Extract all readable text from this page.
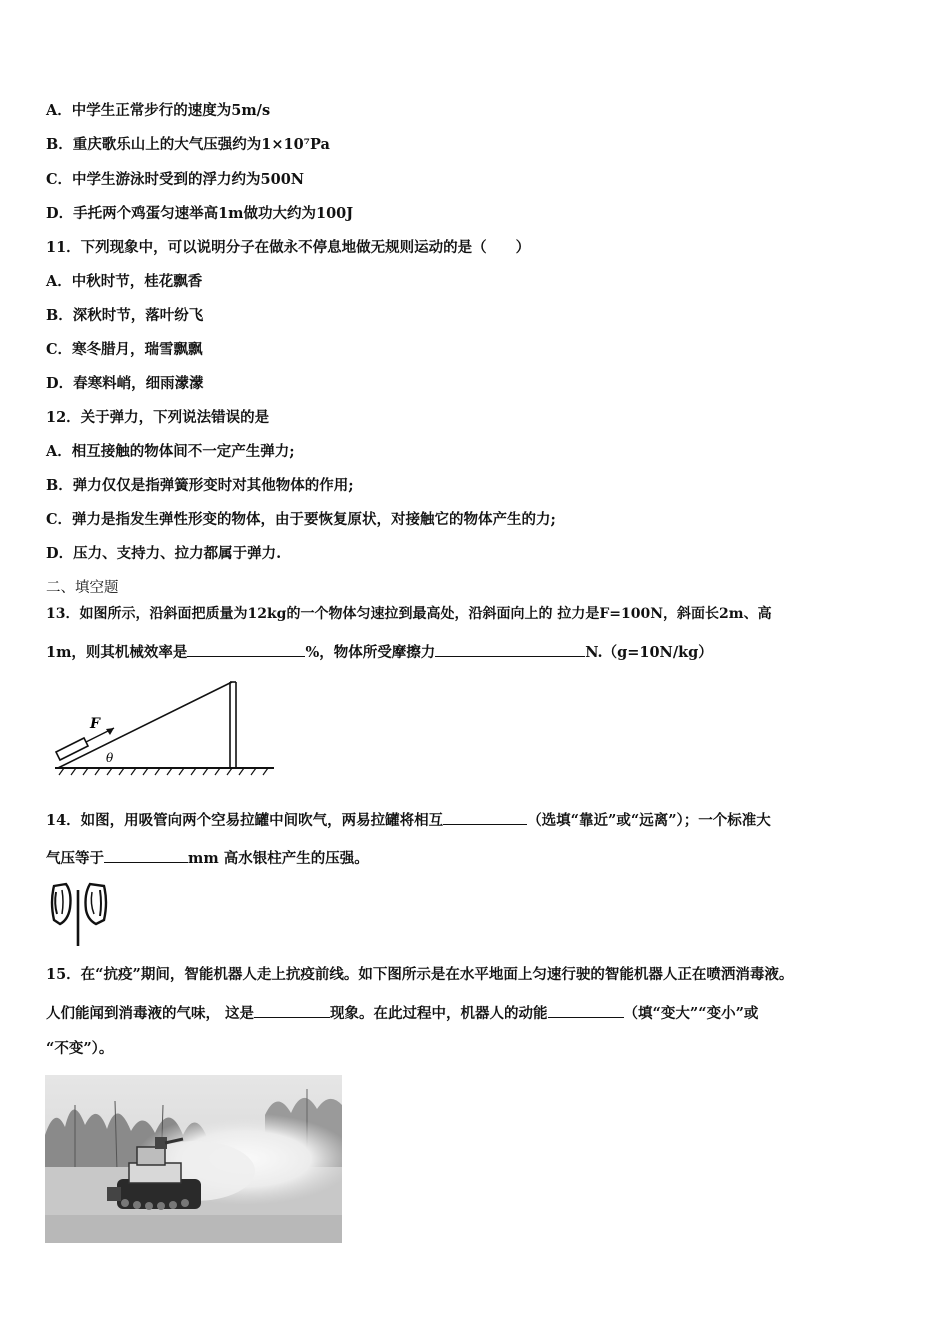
A．中学生正常步行的速度为5m/s
B．重庆歌乐山上的大气压强约为1×10⁷Pa
C．中学生游泳时受到的浮力约为500N
D．手托两个鸡蛋匀速举高1m做功大约为100J
11．下列现象中，可以说明分子在做永不停息地做无规则运动的是（　　）
A．中秋时节，桂花飘香
B．深秋时节，落叶纷飞
C．寒冬腊月，瑞雪飘飘
D．春寒料峭，细雨濛濛
12．关于弹力，下列说法错误的是
A．相互接触的物体间不一定产生弹力;
B．弹力仅仅是指弹簧形变时对其他物体的作用;
C．弹力是指发生弹性形变的物体，由于要恢复原状，对接触它的物体产生的力;
D．压力、支持力、拉力都属于弹力.
二、填空题
13．如图所示，沿斜面把质量为12kg的一个物体匀速拉到最高处，沿斜面向上的 拉力是F=100N，斜面长2m、高
1m，则其机械效率是	%，物体所受摩擦力	N.（g=10N/kg）
F
θ
14．如图，用吸管向两个空易拉罐中间吹气，两易拉罐将相互	（选填“靠近”或“远离”）；一个标准大
气压等于	mm 高水银柱产生的压强。
15．在“抗疫”期间，智能机器人走上抗疫前线。如下图所示是在水平地面上匀速行驶的智能机器人正在喷洒消毒液。
人们能闻到消毒液的气味， 这是	现象。在此过程中，机器人的动能	（填“变大”“变小”或
“不变”）。
